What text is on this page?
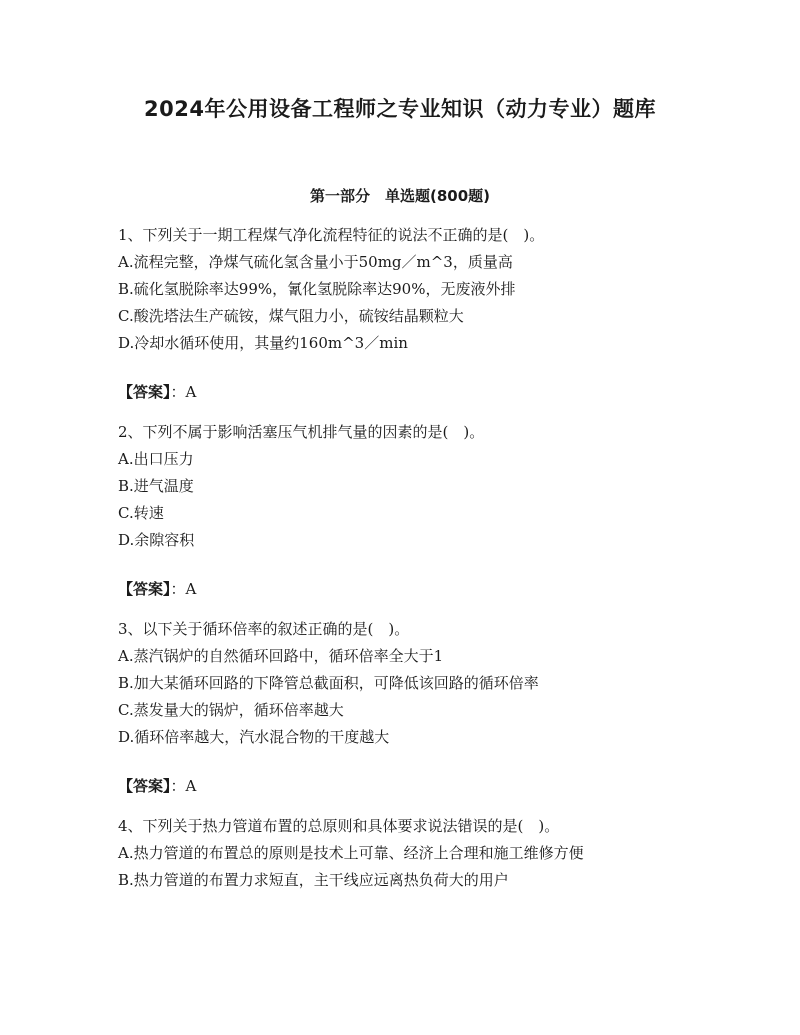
2024年公用设备工程师之专业知识（动力专业）题库
第一部分　单选题(800题)

1、下列关于一期工程煤气净化流程特征的说法不正确的是(　)。

A.流程完整，净煤气硫化氢含量小于50mg／m^3，质量高

B.硫化氢脱除率达99%，氰化氢脱除率达90%，无废液外排

C.酸洗塔法生产硫铵，煤气阻力小，硫铵结晶颗粒大

D.冷却水循环使用，其量约160m^3／min

【答案】：A

2、下列不属于影响活塞压气机排气量的因素的是(　)。

A.出口压力

B.进气温度

C.转速

D.余隙容积

【答案】：A

3、以下关于循环倍率的叙述正确的是(　)。

A.蒸汽锅炉的自然循环回路中，循环倍率全大于1

B.加大某循环回路的下降管总截面积，可降低该回路的循环倍率

C.蒸发量大的锅炉，循环倍率越大

D.循环倍率越大，汽水混合物的干度越大

【答案】：A

4、下列关于热力管道布置的总原则和具体要求说法错误的是(　)。

A.热力管道的布置总的原则是技术上可靠、经济上合理和施工维修方便

B.热力管道的布置力求短直，主干线应远离热负荷大的用户
